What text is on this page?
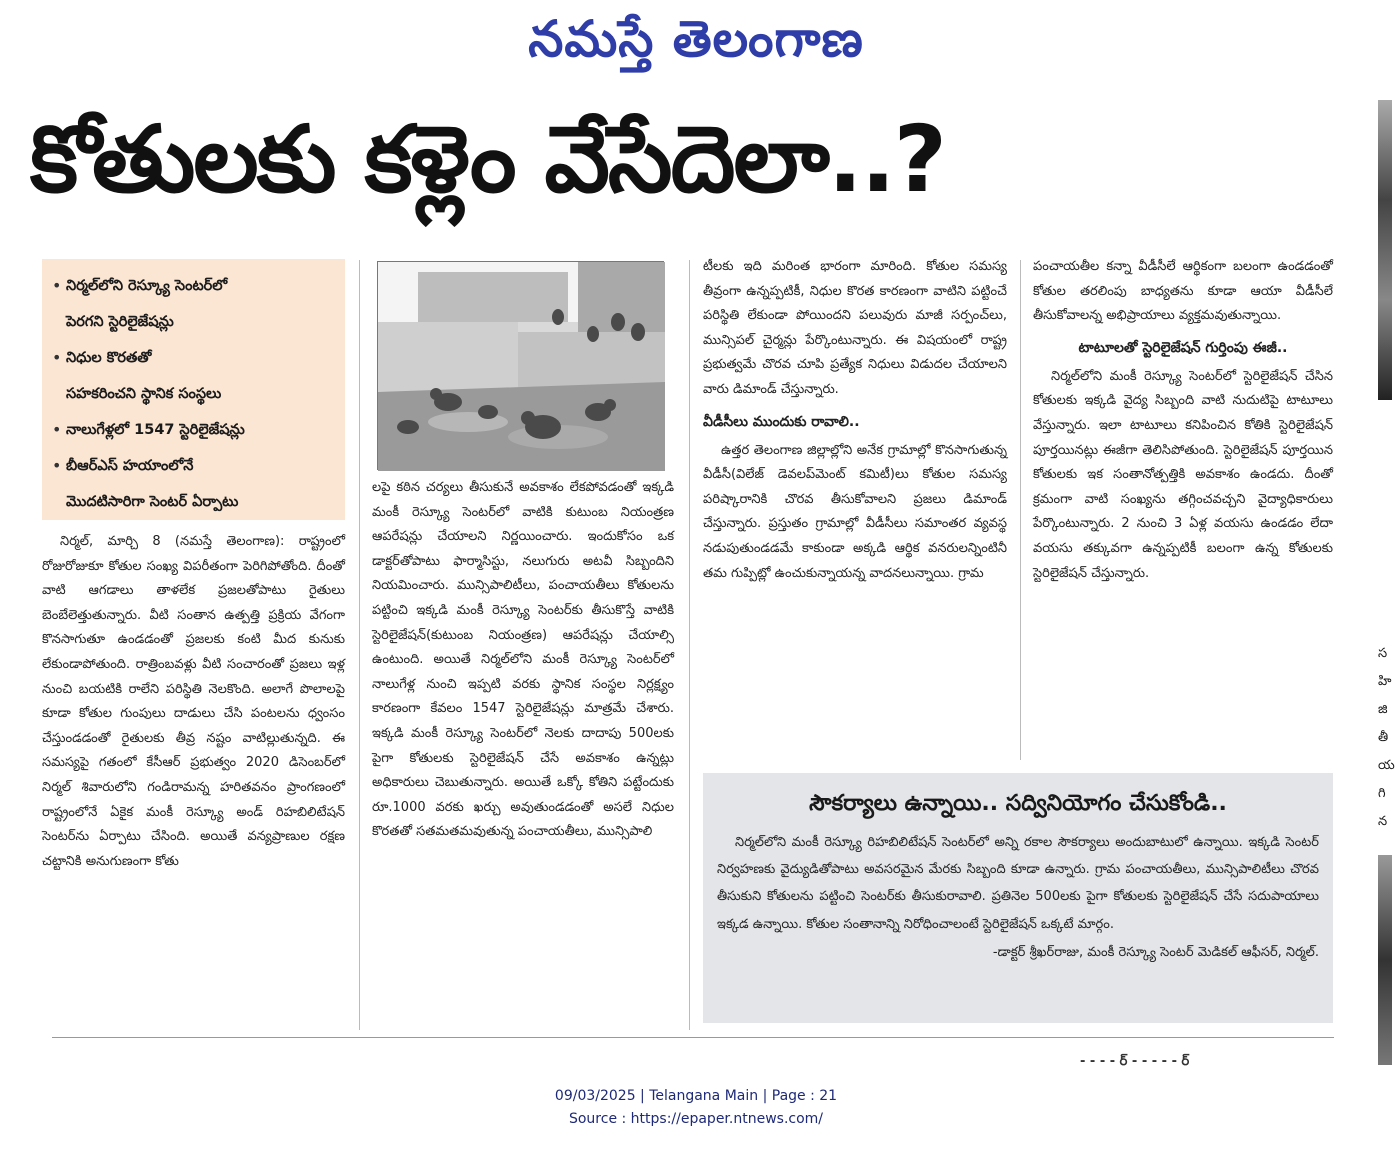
నమస్తే తెలంగాణ
కోతులకు కళ్లెం వేసేదెలా..?
• నిర్మల్‌లోని రెస్క్యూ సెంటర్‌లో
పెరగని స్టెరిలైజేషన్లు
• నిధుల కొరతతో
సహకరించని స్థానిక సంస్థలు
• నాలుగేళ్లలో 1547 స్టెరిలైజేషన్లు
• బీఆర్‌ఎస్ హయాంలోనే
మొదటిసారిగా సెంటర్ ఏర్పాటు

నిర్మల్, మార్చి 8 (నమస్తే తెలంగాణ): రాష్ట్రంలో రోజురోజుకూ కోతుల సంఖ్య విపరీతంగా పెరిగిపోతోంది. దీంతో వాటి ఆగడాలు తాళలేక ప్రజలతోపాటు రైతులు బెంబేలెత్తుతున్నారు. వీటి సంతాన ఉత్పత్తి ప్రక్రియ వేగంగా కొనసాగుతూ ఉండడంతో ప్రజలకు కంటి మీద కునుకు లేకుండాపోతుంది. రాత్రింబవళ్లు వీటి సంచారంతో ప్రజలు ఇళ్ల నుంచి బయటికి రాలేని పరిస్థితి నెలకొంది. అలాగే పొలాలపై కూడా కోతుల గుంపులు దాడులు చేసి పంటలను ధ్వంసం చేస్తుండడంతో రైతులకు తీవ్ర నష్టం వాటిల్లుతున్నది. ఈ సమస్యపై గతంలో కేసీఆర్ ప్రభుత్వం 2020 డిసెంబర్‌లో నిర్మల్ శివారులోని గండిరామన్న హరితవనం ప్రాంగణంలో రాష్ట్రంలోనే ఏకైక మంకీ రెస్క్యూ అండ్ రిహబిలిటేషన్ సెంటర్‌ను ఏర్పాటు చేసింది. అయితే వన్యప్రాణుల రక్షణ చట్టానికి అనుగుణంగా కోతు

లపై కఠిన చర్యలు తీసుకునే అవకాశం లేకపోవడంతో ఇక్కడి మంకీ రెస్క్యూ సెంటర్‌లో వాటికి కుటుంబ నియంత్రణ ఆపరేషన్లు చేయాలని నిర్ణయించారు. ఇందుకోసం ఒక డాక్టర్‌తోపాటు ఫార్మాసిస్టు, నలుగురు అటవీ సిబ్బందిని నియమించారు. మున్సిపాలిటీలు, పంచాయతీలు కోతులను పట్టించి ఇక్కడి మంకీ రెస్క్యూ సెంటర్‌కు తీసుకొస్తే వాటికి స్టెరిలైజేషన్(కుటుంబ నియంత్రణ) ఆపరేషన్లు చేయాల్సి ఉంటుంది. అయితే నిర్మల్‌లోని మంకీ రెస్క్యూ సెంటర్‌లో నాలుగేళ్ల నుంచి ఇప్పటి వరకు స్థానిక సంస్థల నిర్లక్ష్యం కారణంగా కేవలం 1547 స్టెరిలైజేషన్లు మాత్రమే చేశారు. ఇక్కడి మంకీ రెస్క్యూ సెంటర్‌లో నెలకు దాదాపు 500లకు పైగా కోతులకు స్టెరిలైజేషన్ చేసే అవకాశం ఉన్నట్లు అధికారులు చెబుతున్నారు. అయితే ఒక్కో కోతిని పట్టేందుకు రూ.1000 వరకు ఖర్చు అవుతుండడంతో అసలే నిధుల కొరతతో సతమతమవుతున్న పంచాయతీలు, మున్సిపాలి

టీలకు ఇది మరింత భారంగా మారింది. కోతుల సమస్య తీవ్రంగా ఉన్నప్పటికీ, నిధుల కొరత కారణంగా వాటిని పట్టించే పరిస్థితి లేకుండా పోయిందని పలువురు మాజీ సర్పంచ్‌లు, మున్సిపల్ చైర్మన్లు పేర్కొంటున్నారు. ఈ విషయంలో రాష్ట్ర ప్రభుత్వమే చొరవ చూపి ప్రత్యేక నిధులు విడుదల చేయాలని వారు డిమాండ్ చేస్తున్నారు.

వీడీసీలు ముందుకు రావాలి..

ఉత్తర తెలంగాణ జిల్లాల్లోని అనేక గ్రామాల్లో కొనసాగుతున్న వీడీసీ(విలేజ్ డెవలప్‌మెంట్ కమిటీ)లు కోతుల సమస్య పరిష్కారానికి చొరవ తీసుకోవాలని ప్రజలు డిమాండ్ చేస్తున్నారు. ప్రస్తుతం గ్రామాల్లో వీడీసీలు సమాంతర వ్యవస్థ నడుపుతుండడమే కాకుండా అక్కడి ఆర్థిక వనరులన్నింటినీ తమ గుప్పిట్లో ఉంచుకున్నాయన్న వాదనలున్నాయి. గ్రామ

పంచాయతీల కన్నా వీడీసీలే ఆర్థికంగా బలంగా ఉండడంతో కోతుల తరలింపు బాధ్యతను కూడా ఆయా వీడీసీలే తీసుకోవాలన్న అభిప్రాయాలు వ్యక్తమవుతున్నాయి.

టాటూలతో స్టెరిలైజేషన్ గుర్తింపు ఈజీ..

నిర్మల్‌లోని మంకీ రెస్క్యూ సెంటర్‌లో స్టెరిలైజేషన్ చేసిన కోతులకు ఇక్కడి వైద్య సిబ్బంది వాటి నుదుటిపై టాటూలు వేస్తున్నారు. ఇలా టాటూలు కనిపించిన కోతికి స్టెరిలైజేషన్ పూర్తయినట్లు ఈజీగా తెలిసిపోతుంది. స్టెరిలైజేషన్ పూర్తయిన కోతులకు ఇక సంతానోత్పత్తికి అవకాశం ఉండదు. దీంతో క్రమంగా వాటి సంఖ్యను తగ్గించవచ్చని వైద్యాధికారులు పేర్కొంటున్నారు. 2 నుంచి 3 ఏళ్ల వయసు ఉండడం లేదా వయసు తక్కువగా ఉన్నప్పటికీ బలంగా ఉన్న కోతులకు స్టెరిలైజేషన్ చేస్తున్నారు.

సౌకర్యాలు ఉన్నాయి.. సద్వినియోగం చేసుకోండి..
నిర్మల్‌లోని మంకీ రెస్క్యూ రిహబిలిటేషన్ సెంటర్‌లో అన్ని రకాల సౌకర్యాలు అందుబాటులో ఉన్నాయి. ఇక్కడి సెంటర్ నిర్వహణకు వైద్యుడితోపాటు అవసరమైన మేరకు సిబ్బంది కూడా ఉన్నారు. గ్రామ పంచాయతీలు, మున్సిపాలిటీలు చొరవ తీసుకుని కోతులను పట్టించి సెంటర్‌కు తీసుకురావాలి. ప్రతినెల 500లకు పైగా కోతులకు స్టెరిలైజేషన్ చేసే సదుపాయాలు ఇక్కడ ఉన్నాయి. కోతుల సంతానాన్ని నిరోధించాలంటే స్టెరిలైజేషన్ ఒక్కటే మార్గం.
-డాక్టర్ శ్రీఖర్‌రాజు, మంకీ రెస్క్యూ సెంటర్ మెడికల్ ఆఫీసర్, నిర్మల్.
- - - - ర్ - - - - - ర్
స
హి
జి
తీ
య
గి
న
09/03/2025 | Telangana Main | Page : 21
Source : https://epaper.ntnews.com/
